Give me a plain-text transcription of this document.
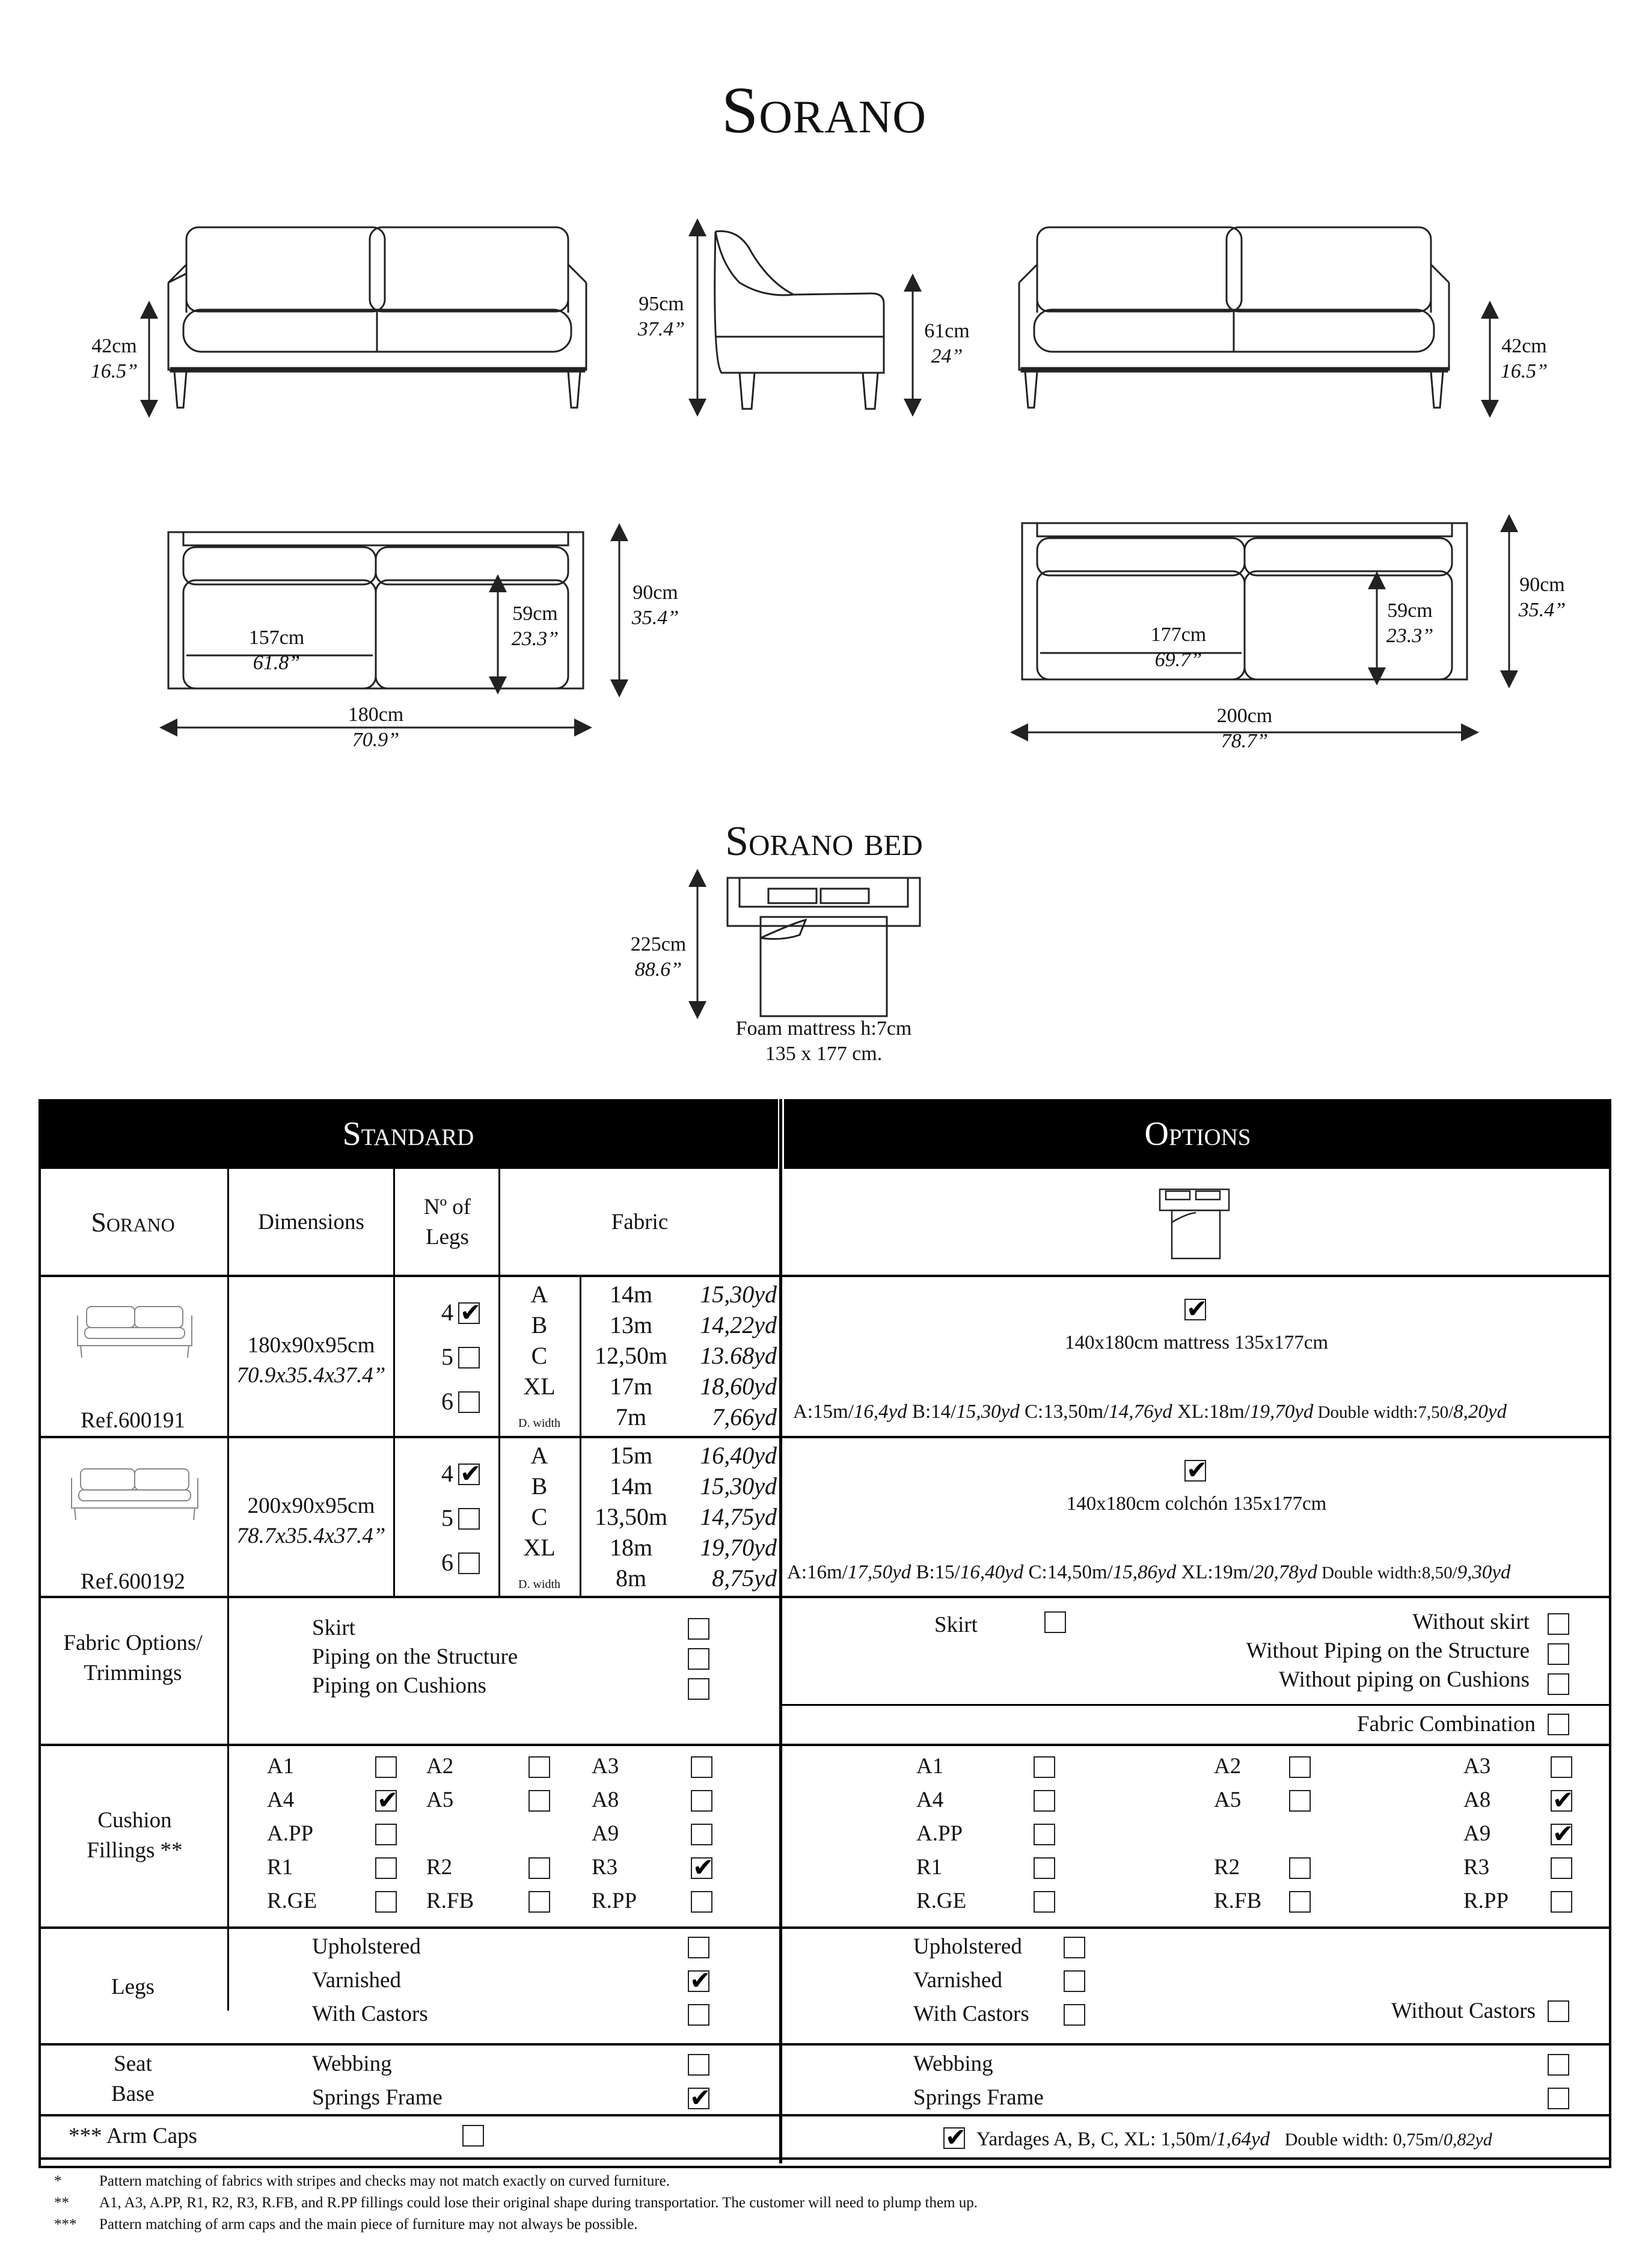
Sorano
42cm
16.5”
95cm
37.4”	61cm
24”	42cm
16.5”
157cm
61.8”
59cm
23.3”
90cm
35.4”
180cm
70.9”
177cm
69.7”
59cm
23.3”
90cm
35.4”
200cm
78.7”
Sorano bed
225cm
88.6”
Foam mattress h:7cm
135 x 177 cm.
Standard	Options
Sorano	Dimensions
Nº of Legs
Fabric
Ref.600191
180x90x95cm
70.9x35.4x37.4”
4
✔
5
6
A	14m	15,30yd
B	13m	14,22yd
C	12,50m	13.68yd
XL	17m	18,60yd
D. width	7m	7,66yd
✔
140x180cm mattress 135x177cm
A:15m/16,4yd B:14/15,30yd C:13,50m/14,76yd XL:18m/19,70yd Double width:7,50/8,20yd
Ref.600192
200x90x95cm
78.7x35.4x37.4”
4
✔
5
6
A	15m	16,40yd
B	14m	15,30yd
C	13,50m	14,75yd
XL	18m	19,70yd
D. width	8m	8,75yd
✔
140x180cm colchón 135x177cm
A:16m/17,50yd B:15/16,40yd C:14,50m/15,86yd XL:19m/20,78yd Double width:8,50/9,30yd
Fabric Options/ Trimmings
Skirt
Piping on the Structure
Piping on Cushions
Skirt	Without skirt
Without Piping on the Structure
Without piping on Cushions
Fabric Combination
Cushion Fillings **
A1
A4
✔
A.PP
R1
R.GE
A2
A5
R2
R.FB
A3
A8
A9
R3
✔
R.PP
A1
A4
A.PP
R1
R.GE
A2
A5
R2
R.FB
A3
A8
✔
A9
✔
R3
R.PP
Legs
Upholstered
Varnished
✔
With Castors
Upholstered
Varnished
With Castors	Without Castors
Seat
Base
Webbing
Springs Frame
✔
Webbing
Springs Frame
*** Arm Caps
✔	Yardages A, B, C, XL: 1,50m/1,64yd Double width: 0,75m/0,82yd
*	Pattern matching of fabrics with stripes and checks may not match exactly on curved furniture.
**	A1, A3, A.PP, R1, R2, R3, R.FB, and R.PP fillings could lose their original shape during transportatior. The customer will need to plump them up.
***	Pattern matching of arm caps and the main piece of furniture may not always be possible.
